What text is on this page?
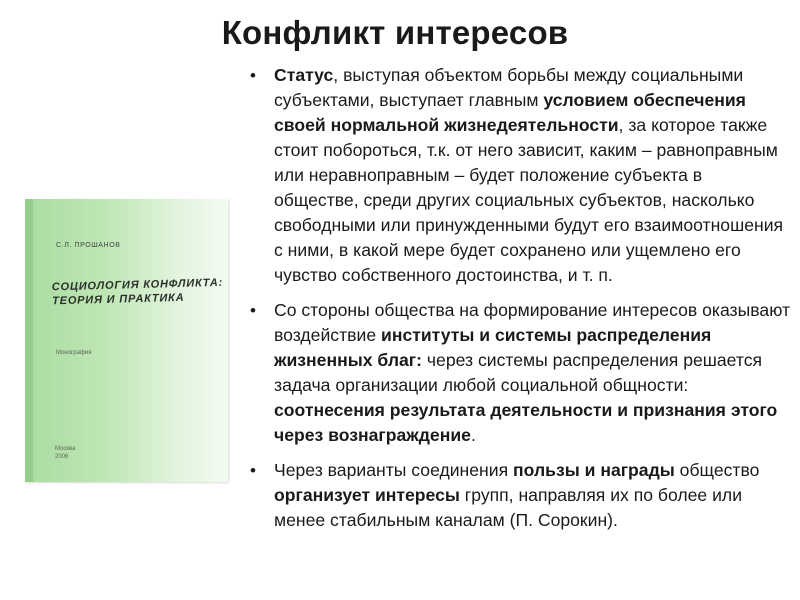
Конфликт интересов
С.Л. ПРОШАНОВ
СОЦИОЛОГИЯ КОНФЛИКТА:
ТЕОРИЯ И ПРАКТИКА
Монография
Москва
2006
• Статус, выступая объектом борьбы между социальными субъектами, выступает главным условием обеспечения своей нормальной жизнедеятельности, за которое также стоит побороться, т.к. от него зависит, каким – равноправным или неравноправным – будет положение субъекта в обществе, среди других социальных субъектов, насколько свободными или принужденными будут его взаимоотношения с ними, в какой мере будет сохранено или ущемлено его чувство собственного достоинства, и т. п.
• Со стороны общества на формирование интересов оказывают воздействие институты и системы распределения жизненных благ: через системы распределения решается задача организации любой социальной общности: соотнесения результата деятельности и признания этого через вознаграждение.
• Через варианты соединения пользы и награды общество организует интересы групп, направляя их по более или менее стабильным каналам (П. Сорокин).
